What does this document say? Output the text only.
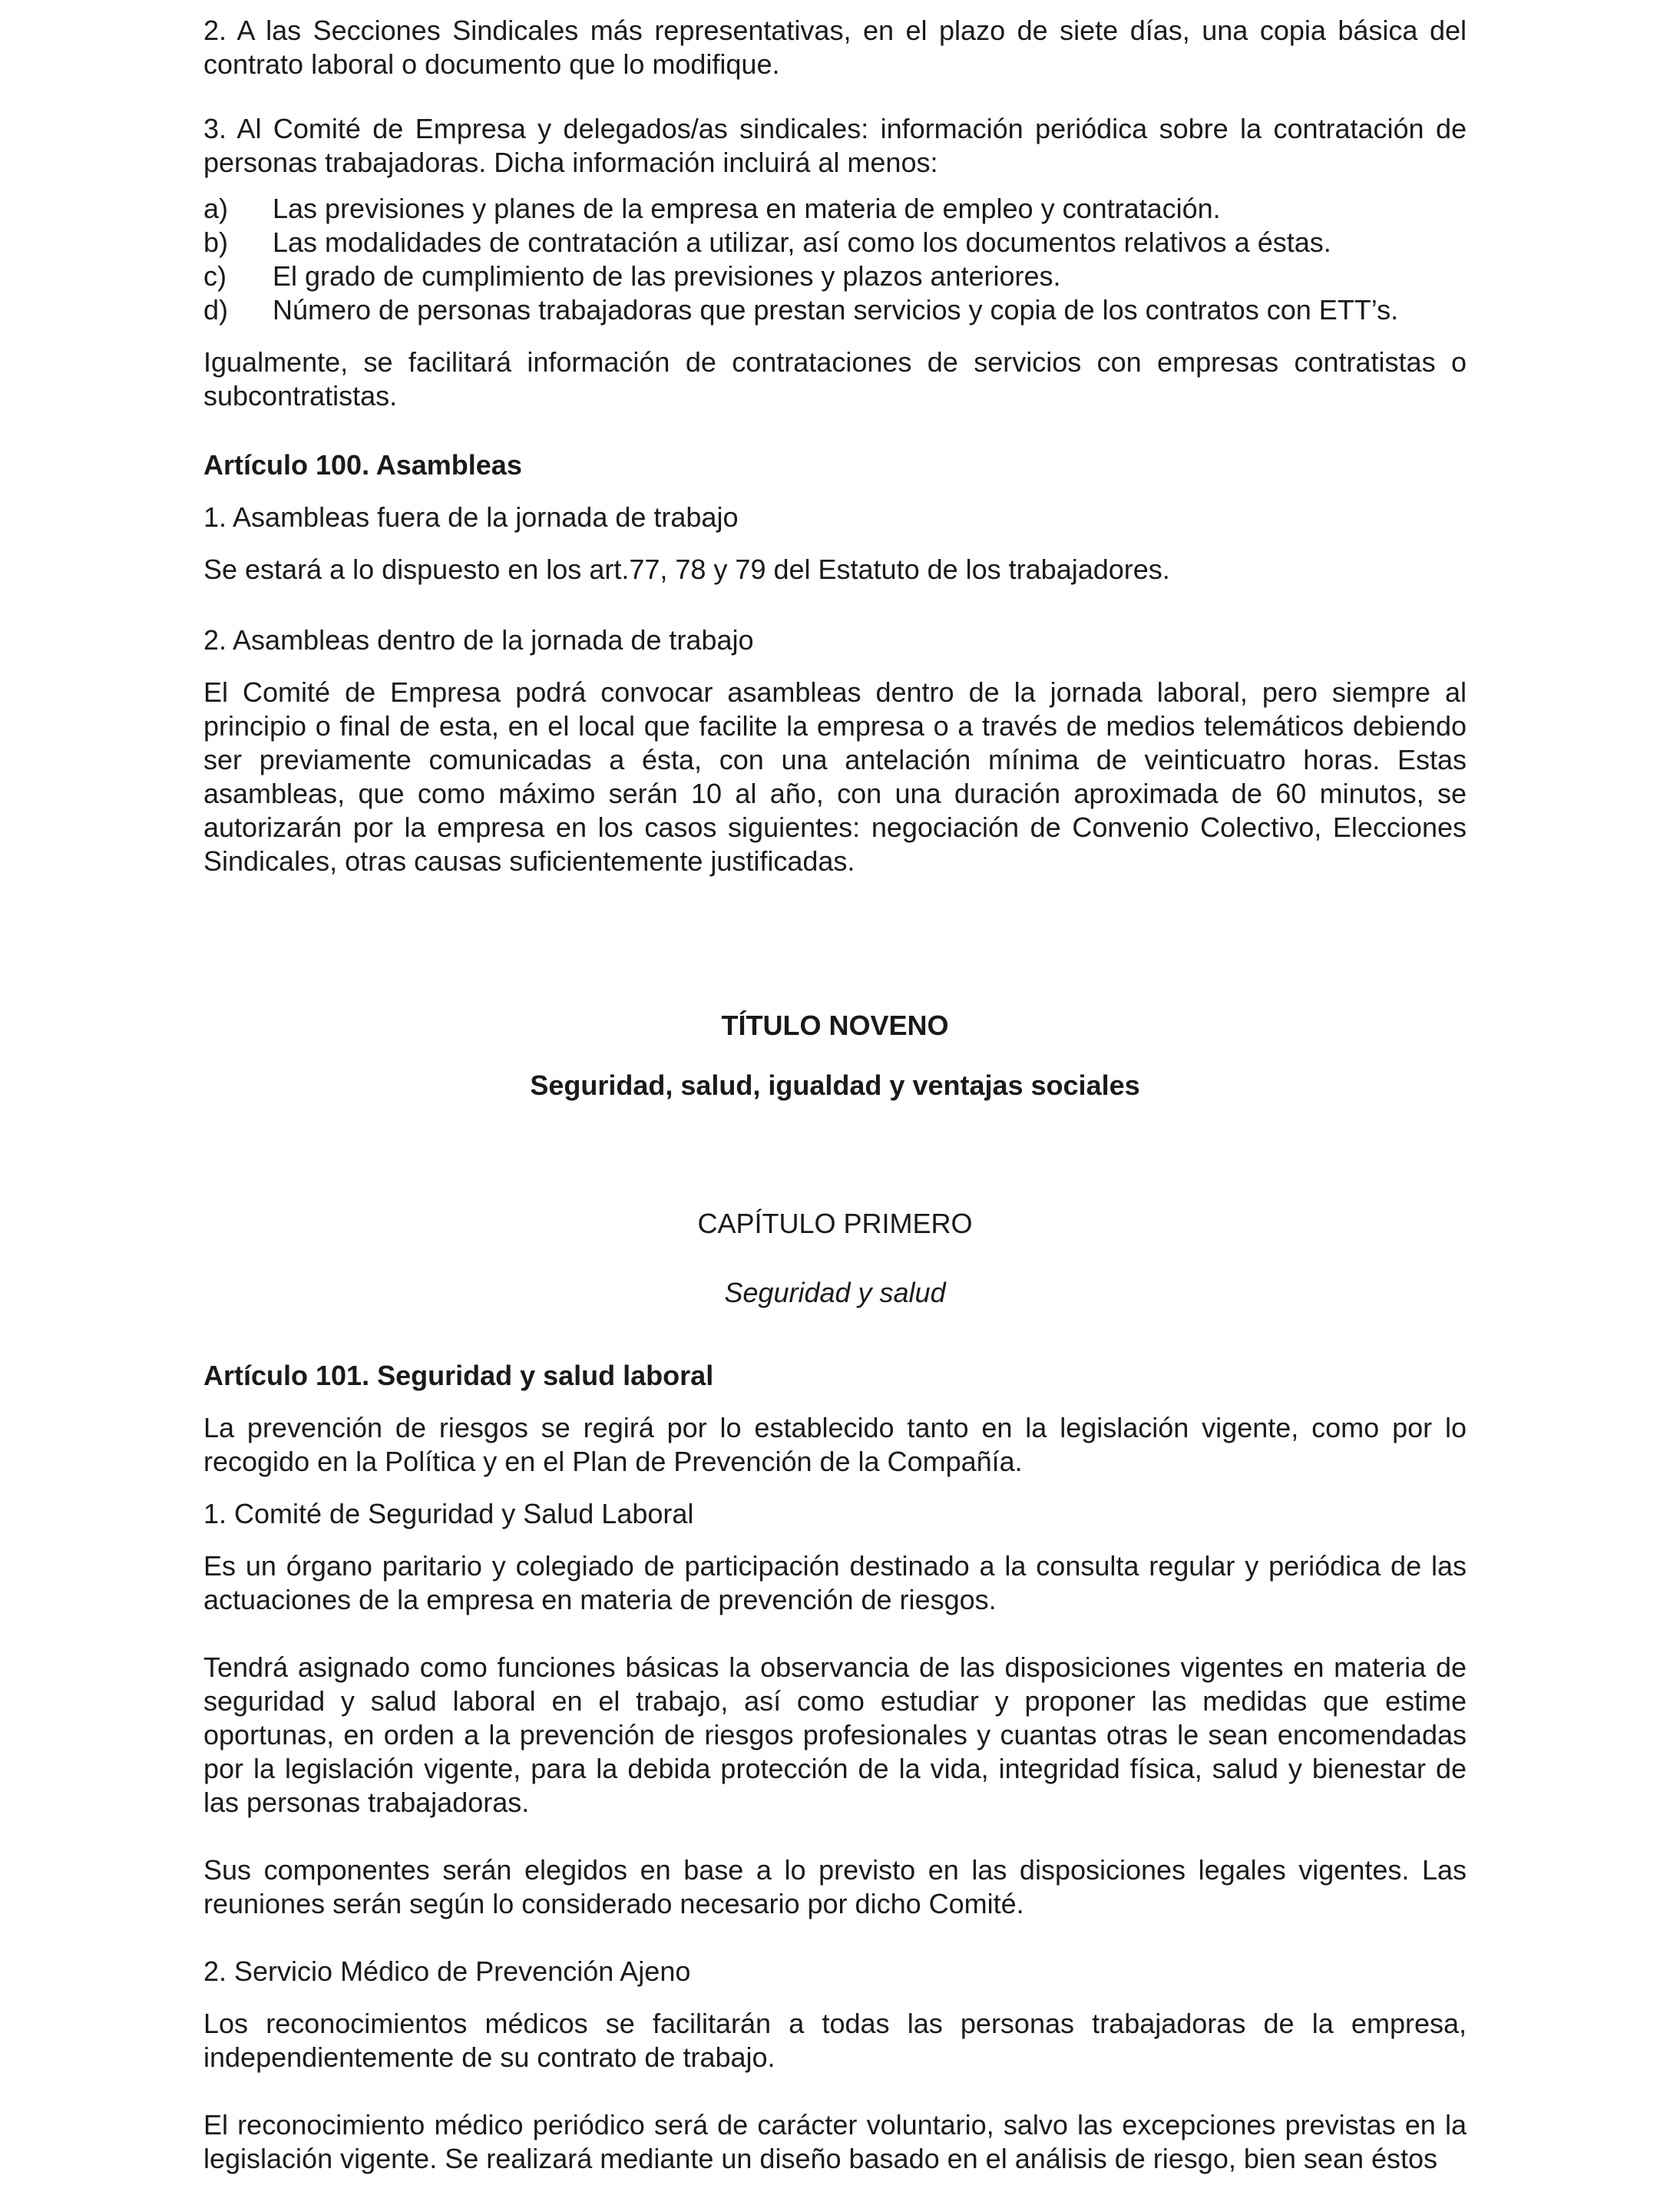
2. A las Secciones Sindicales más representativas, en el plazo de siete días, una copia básica del contrato laboral o documento que lo modifique.

3. Al Comité de Empresa y delegados/as sindicales: información periódica sobre la contratación de personas trabajadoras. Dicha información incluirá al menos:

a) Las previsiones y planes de la empresa en materia de empleo y contratación.
b) Las modalidades de contratación a utilizar, así como los documentos relativos a éstas.
c) El grado de cumplimiento de las previsiones y plazos anteriores.
d) Número de personas trabajadoras que prestan servicios y copia de los contratos con ETT’s.

Igualmente, se facilitará información de contrataciones de servicios con empresas contratistas o subcontratistas.

Artículo 100. Asambleas

1. Asambleas fuera de la jornada de trabajo

Se estará a lo dispuesto en los art.77, 78 y 79 del Estatuto de los trabajadores.

2. Asambleas dentro de la jornada de trabajo

El Comité de Empresa podrá convocar asambleas dentro de la jornada laboral, pero siempre al principio o final de esta, en el local que facilite la empresa o a través de medios telemáticos debiendo ser previamente comunicadas a ésta, con una antelación mínima de veinticuatro horas. Estas asambleas, que como máximo serán 10 al año, con una duración aproximada de 60 minutos, se autorizarán por la empresa en los casos siguientes: negociación de Convenio Colectivo, Elecciones Sindicales, otras causas suficientemente justificadas.

TÍTULO NOVENO

Seguridad, salud, igualdad y ventajas sociales

CAPÍTULO PRIMERO

Seguridad y salud

Artículo 101. Seguridad y salud laboral

La prevención de riesgos se regirá por lo establecido tanto en la legislación vigente, como por lo recogido en la Política y en el Plan de Prevención de la Compañía.

1. Comité de Seguridad y Salud Laboral

Es un órgano paritario y colegiado de participación destinado a la consulta regular y periódica de las actuaciones de la empresa en materia de prevención de riesgos.

Tendrá asignado como funciones básicas la observancia de las disposiciones vigentes en materia de seguridad y salud laboral en el trabajo, así como estudiar y proponer las medidas que estime oportunas, en orden a la prevención de riesgos profesionales y cuantas otras le sean encomendadas por la legislación vigente, para la debida protección de la vida, integridad física, salud y bienestar de las personas trabajadoras.

Sus componentes serán elegidos en base a lo previsto en las disposiciones legales vigentes. Las reuniones serán según lo considerado necesario por dicho Comité.

2. Servicio Médico de Prevención Ajeno

Los reconocimientos médicos se facilitarán a todas las personas trabajadoras de la empresa, independientemente de su contrato de trabajo.

El reconocimiento médico periódico será de carácter voluntario, salvo las excepciones previstas en la legislación vigente. Se realizará mediante un diseño basado en el análisis de riesgo, bien sean éstos
